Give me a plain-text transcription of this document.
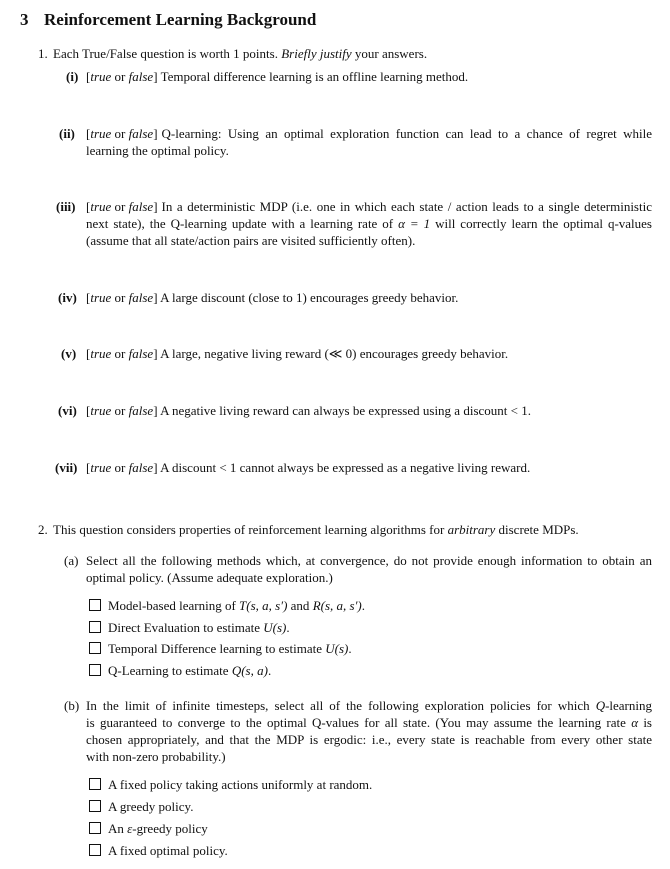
3 Reinforcement Learning Background
1. Each True/False question is worth 1 points. Briefly justify your answers.
(i) [true or false] Temporal difference learning is an offline learning method.
(ii) [true or false] Q-learning: Using an optimal exploration function can lead to a chance of regret while
learning the optimal policy.
(iii) [true or false] In a deterministic MDP (i.e. one in which each state / action leads to a single deterministic
next state), the Q-learning update with a learning rate of α = 1 will correctly learn the optimal q-values
(assume that all state/action pairs are visited sufficiently often).
(iv) [true or false] A large discount (close to 1) encourages greedy behavior.
(v) [true or false] A large, negative living reward (≪ 0) encourages greedy behavior.
(vi) [true or false] A negative living reward can always be expressed using a discount < 1.
(vii) [true or false] A discount < 1 cannot always be expressed as a negative living reward.
2. This question considers properties of reinforcement learning algorithms for arbitrary discrete MDPs.
(a) Select all the following methods which, at convergence, do not provide enough information to obtain an
optimal policy. (Assume adequate exploration.)
Model-based learning of T(s, a, s′) and R(s, a, s′).
Direct Evaluation to estimate U(s).
Temporal Difference learning to estimate U(s).
Q-Learning to estimate Q(s, a).
(b) In the limit of infinite timesteps, select all of the following exploration policies for which Q-learning
is guaranteed to converge to the optimal Q-values for all state. (You may assume the learning rate α is
chosen appropriately, and that the MDP is ergodic: i.e., every state is reachable from every other state
with non-zero probability.)
A fixed policy taking actions uniformly at random.
A greedy policy.
An ε-greedy policy
A fixed optimal policy.
